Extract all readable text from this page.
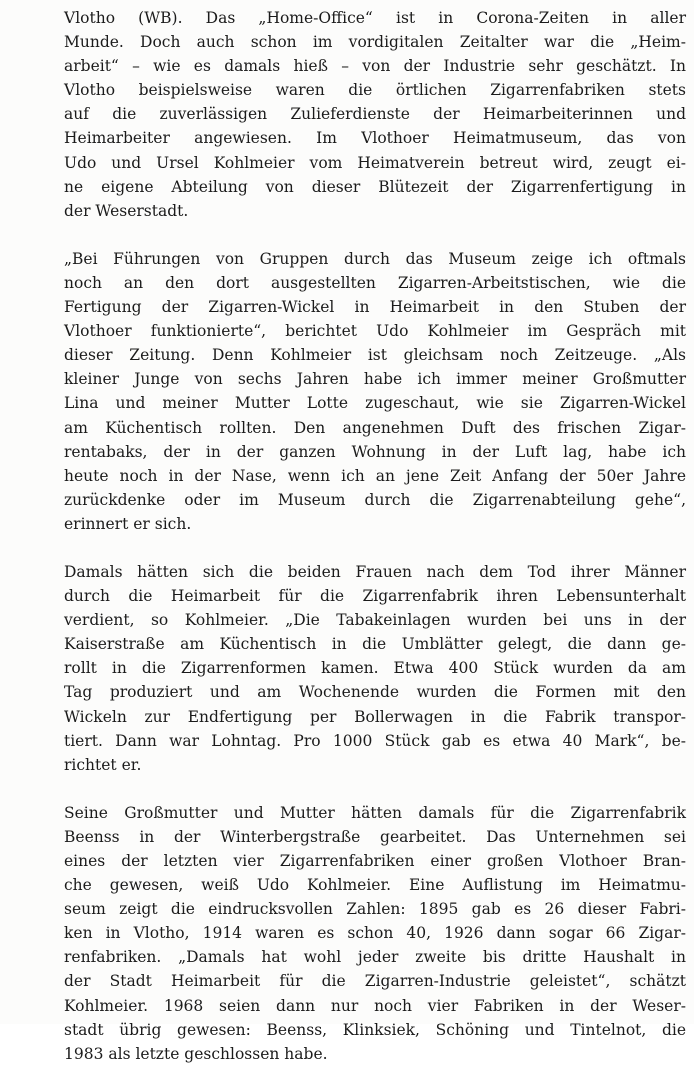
Vlotho (WB). Das „Home-Office“ ist in Corona-Zeiten in aller
Munde. Doch auch schon im vordigitalen Zeitalter war die „Heim-
arbeit“ – wie es damals hieß – von der Industrie sehr geschätzt. In
Vlotho beispielsweise waren die örtlichen Zigarrenfabriken stets
auf die zuverlässigen Zulieferdienste der Heimarbeiterinnen und
Heimarbeiter angewiesen. Im Vlothoer Heimatmuseum, das von
Udo und Ursel Kohlmeier vom Heimatverein betreut wird, zeugt ei-
ne eigene Abteilung von dieser Blütezeit der Zigarrenfertigung in
der Weserstadt.

„Bei Führungen von Gruppen durch das Museum zeige ich oftmals
noch an den dort ausgestellten Zigarren-Arbeitstischen, wie die
Fertigung der Zigarren-Wickel in Heimarbeit in den Stuben der
Vlothoer funktionierte“, berichtet Udo Kohlmeier im Gespräch mit
dieser Zeitung. Denn Kohlmeier ist gleichsam noch Zeitzeuge. „Als
kleiner Junge von sechs Jahren habe ich immer meiner Großmutter
Lina und meiner Mutter Lotte zugeschaut, wie sie Zigarren-Wickel
am Küchentisch rollten. Den angenehmen Duft des frischen Zigar-
rentabaks, der in der ganzen Wohnung in der Luft lag, habe ich
heute noch in der Nase, wenn ich an jene Zeit Anfang der 50er Jahre
zurückdenke oder im Museum durch die Zigarrenabteilung gehe“,
erinnert er sich.

Damals hätten sich die beiden Frauen nach dem Tod ihrer Männer
durch die Heimarbeit für die Zigarrenfabrik ihren Lebensunterhalt
verdient, so Kohlmeier. „Die Tabakeinlagen wurden bei uns in der
Kaiserstraße am Küchentisch in die Umblätter gelegt, die dann ge-
rollt in die Zigarrenformen kamen. Etwa 400 Stück wurden da am
Tag produziert und am Wochenende wurden die Formen mit den
Wickeln zur Endfertigung per Bollerwagen in die Fabrik transpor-
tiert. Dann war Lohntag. Pro 1000 Stück gab es etwa 40 Mark“, be-
richtet er.

Seine Großmutter und Mutter hätten damals für die Zigarrenfabrik
Beenss in der Winterbergstraße gearbeitet. Das Unternehmen sei
eines der letzten vier Zigarrenfabriken einer großen Vlothoer Bran-
che gewesen, weiß Udo Kohlmeier. Eine Auflistung im Heimatmu-
seum zeigt die eindrucksvollen Zahlen: 1895 gab es 26 dieser Fabri-
ken in Vlotho, 1914 waren es schon 40, 1926 dann sogar 66 Zigar-
renfabriken. „Damals hat wohl jeder zweite bis dritte Haushalt in
der Stadt Heimarbeit für die Zigarren-Industrie geleistet“, schätzt
Kohlmeier. 1968 seien dann nur noch vier Fabriken in der Weser-
stadt übrig gewesen: Beenss, Klinksiek, Schöning und Tintelnot, die
1983 als letzte geschlossen habe.
